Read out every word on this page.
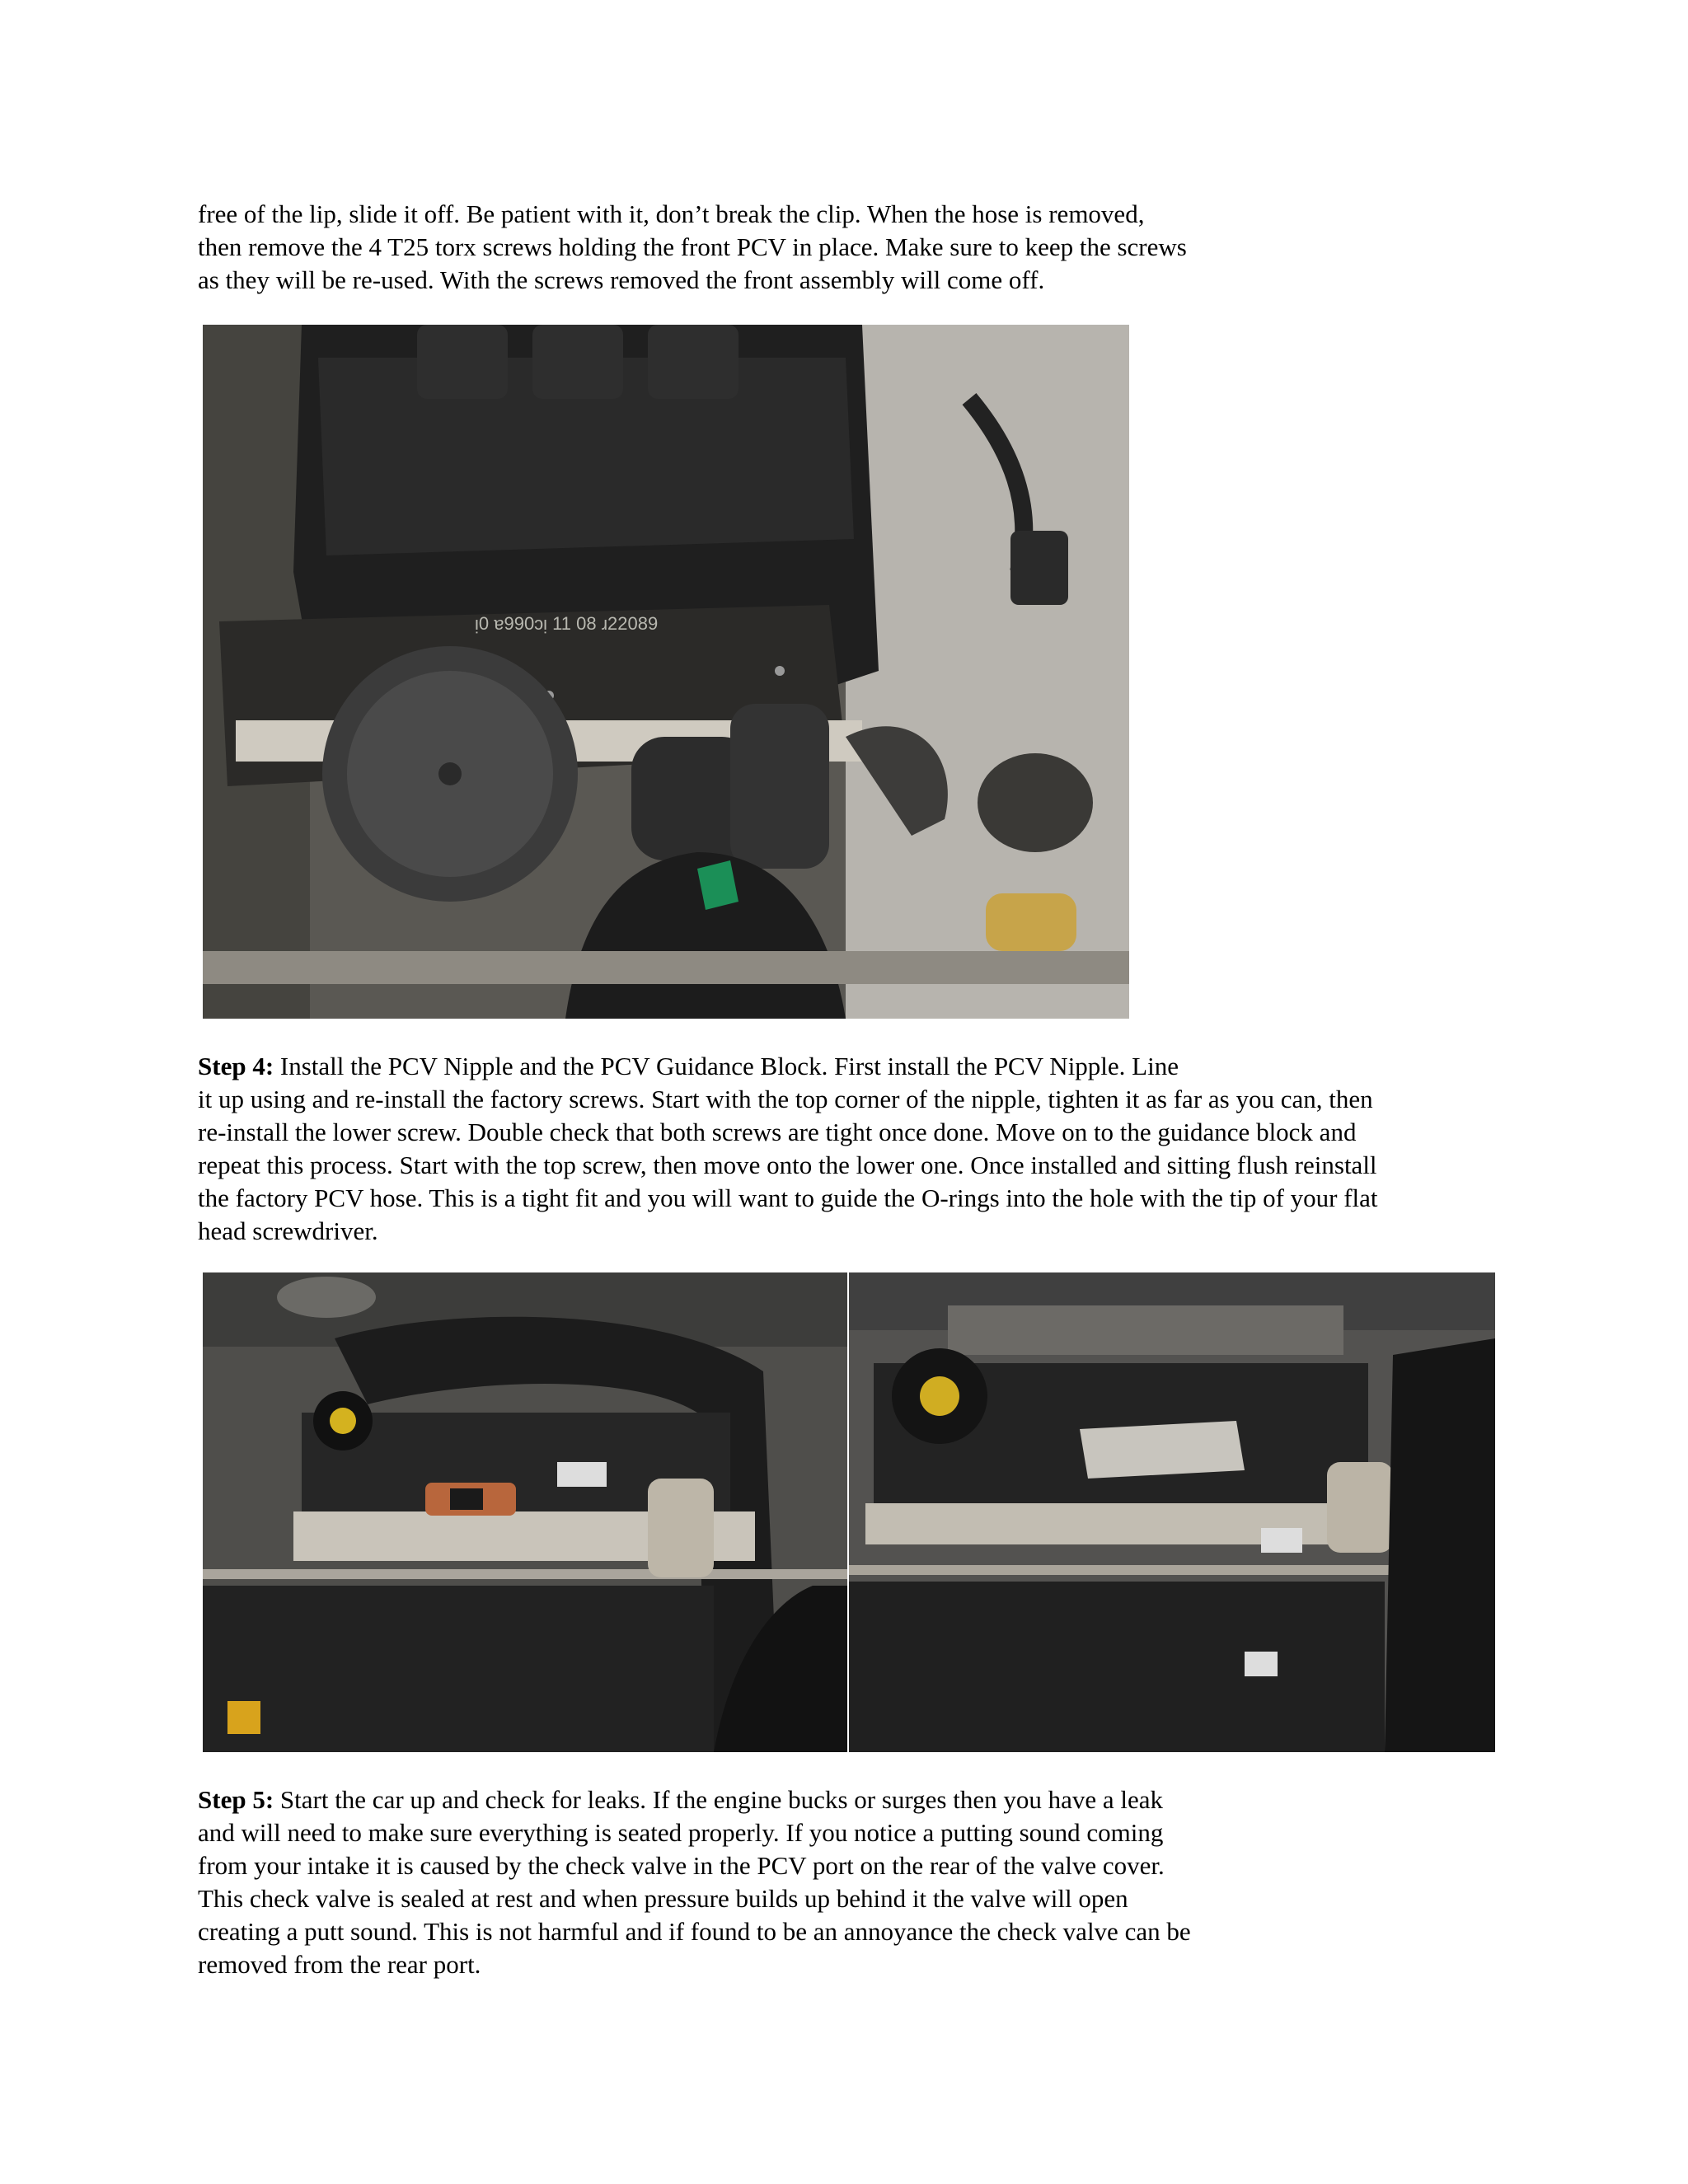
free of the lip, slide it off. Be patient with it, don’t break the clip. When the hose is removed,
then remove the 4 T25 torx screws holding the front PCV in place. Make sure to keep the screws
as they will be re-used. With the screws removed the front assembly will come off.
ᴉ0 ɐ990ɔᴉ 11 08 ɹ22089
Step 4: Install the PCV Nipple and the PCV Guidance Block. First install the PCV Nipple. Line
it up using and re-install the factory screws. Start with the top corner of the nipple, tighten it as far as you can, then
re-install the lower screw. Double check that both screws are tight once done. Move on to the guidance block and
repeat this process. Start with the top screw, then move onto the lower one. Once installed and sitting flush reinstall
the factory PCV hose. This is a tight fit and you will want to guide the O-rings into the hole with the tip of your flat
head screwdriver.
Step 5: Start the car up and check for leaks. If the engine bucks or surges then you have a leak
and will need to make sure everything is seated properly. If you notice a putting sound coming
from your intake it is caused by the check valve in the PCV port on the rear of the valve cover.
This check valve is sealed at rest and when pressure builds up behind it the valve will open
creating a putt sound. This is not harmful and if found to be an annoyance the check valve can be
removed from the rear port.
